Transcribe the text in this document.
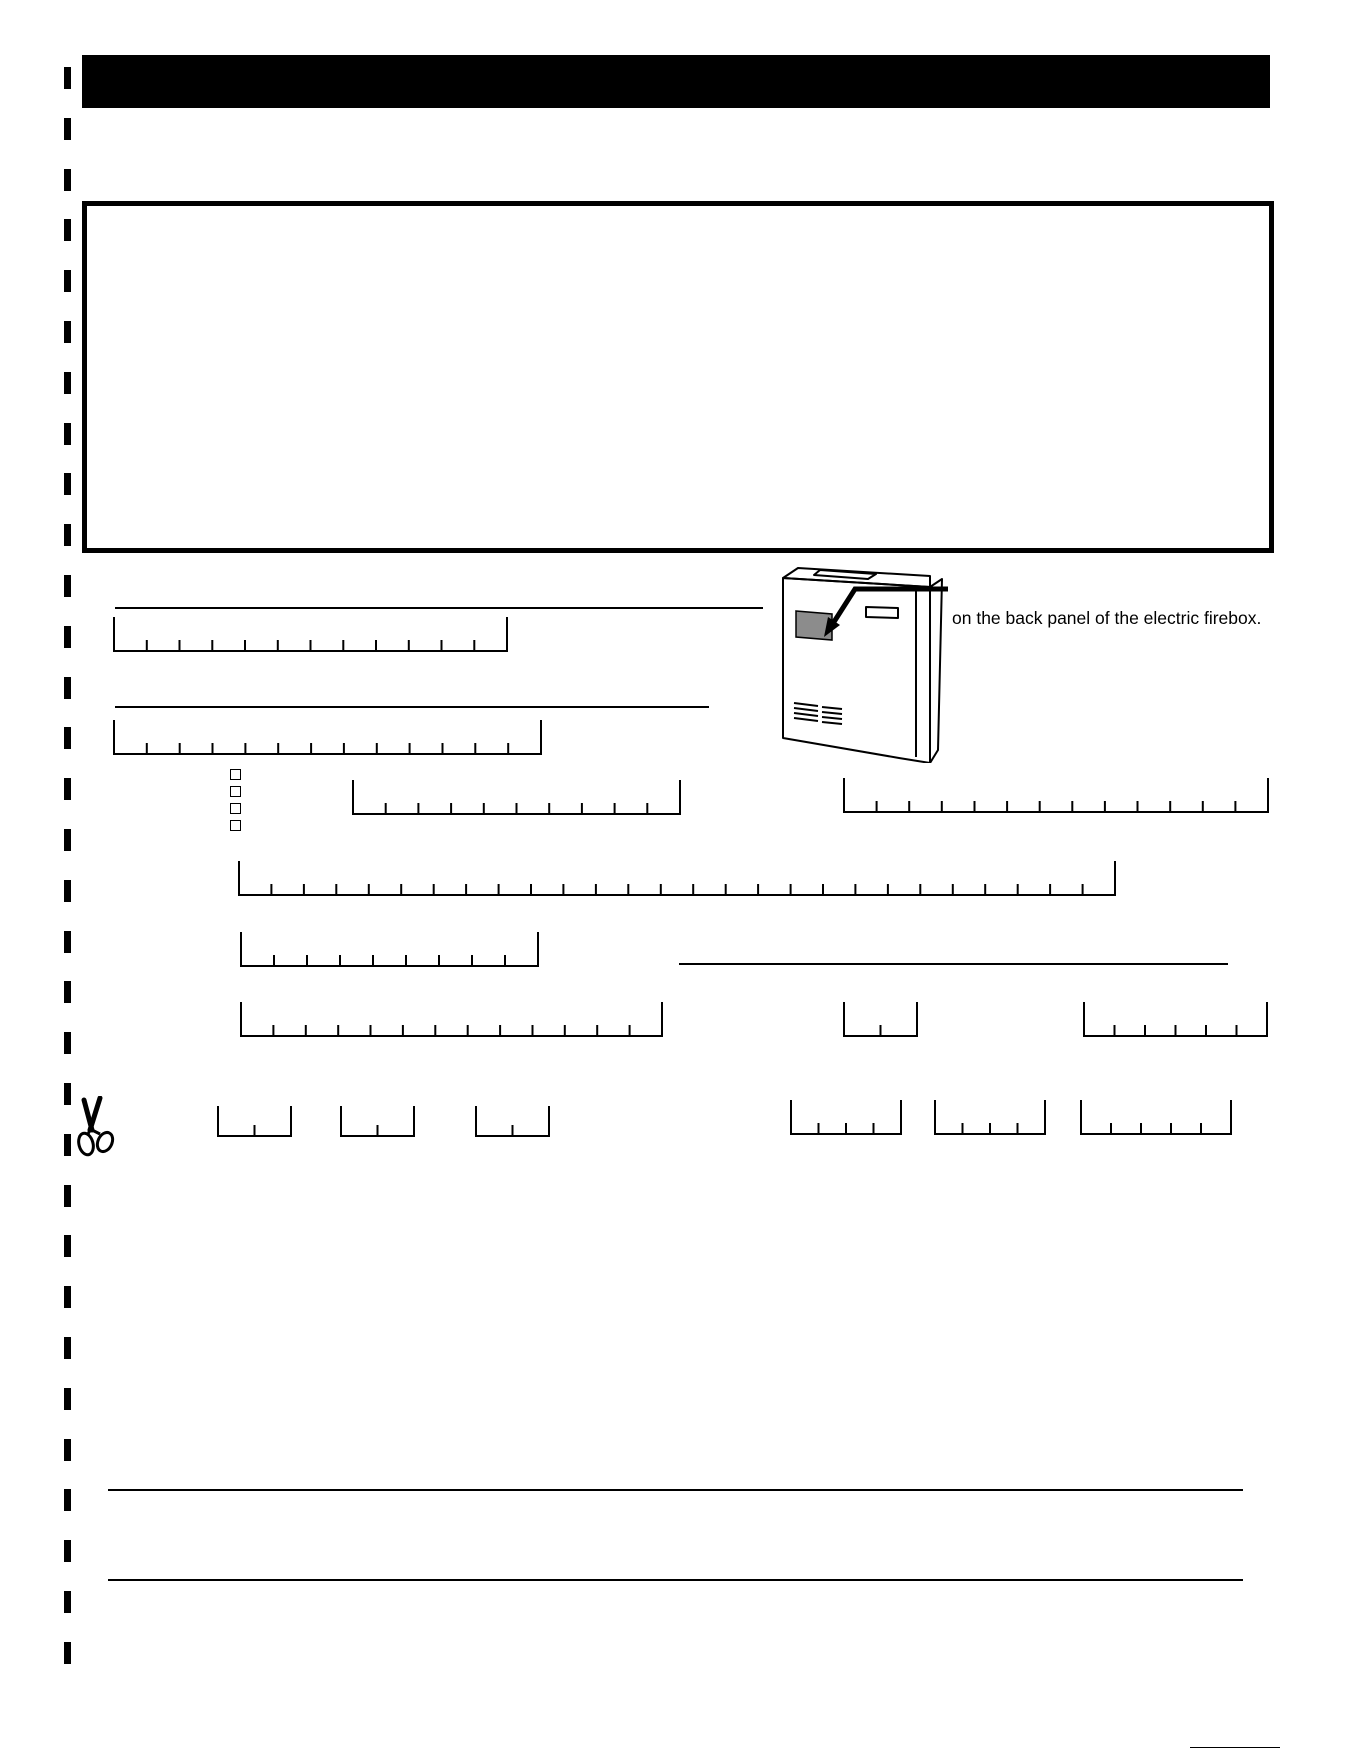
on the back panel of the electric firebox.
